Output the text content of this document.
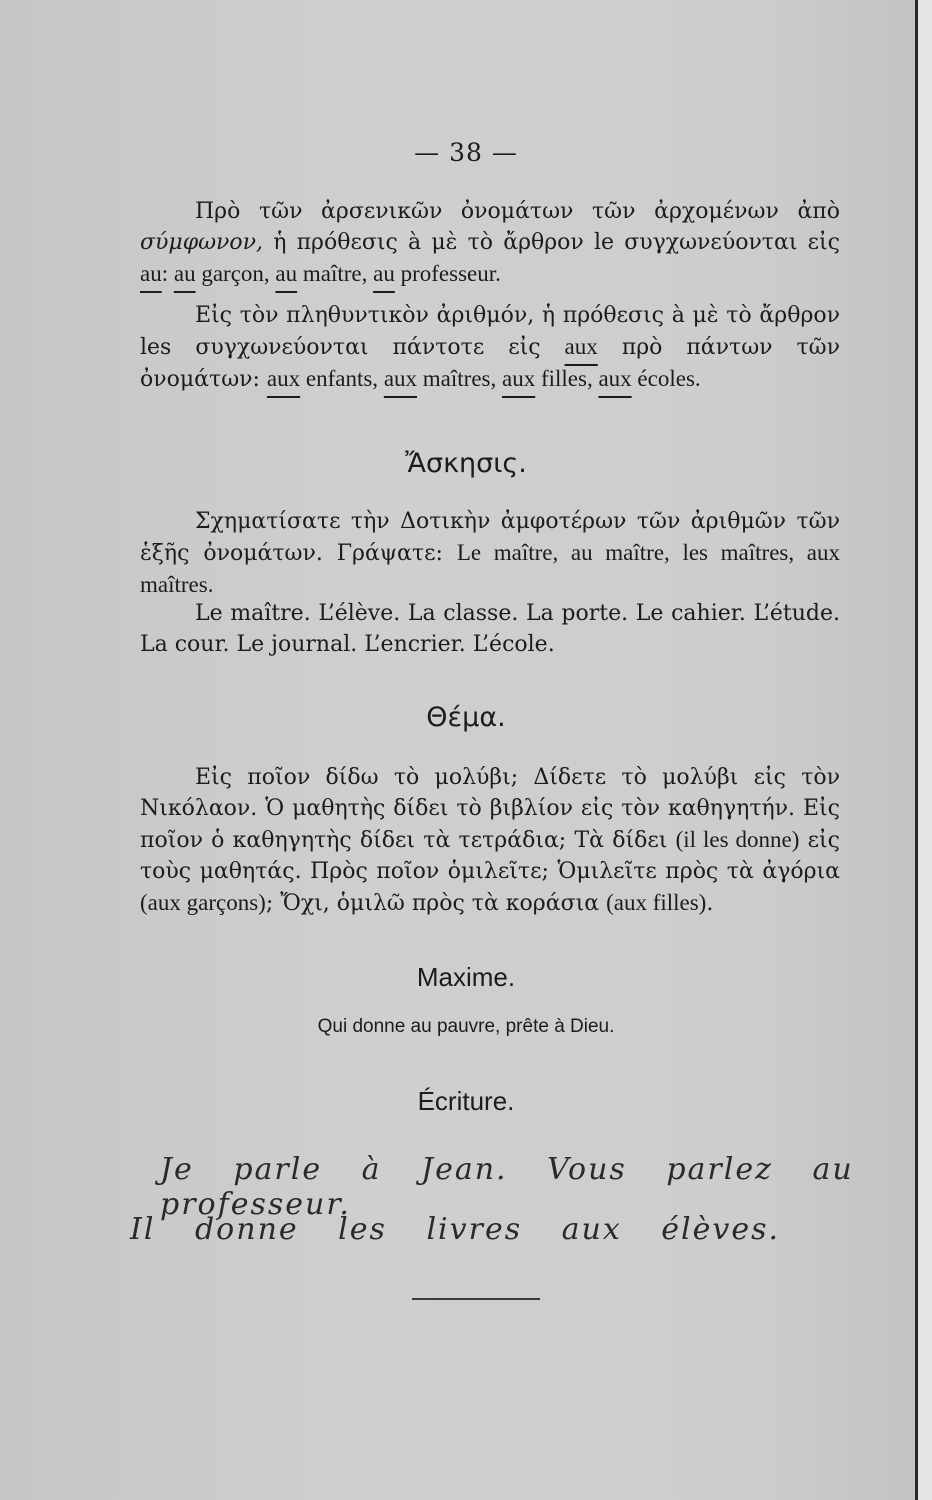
— 38 —
Πρὸ τῶν ἀρσενικῶν ὀνομάτων τῶν ἀρχομένων ἀπὸ σύμφωνον, ἡ πρόθεσις à μὲ τὸ ἄρθρον le συγχωνεύονται εἰς au: au garçon, au maître, au professeur.
Εἰς τὸν πληθυντικὸν ἀριθμόν, ἡ πρόθεσις à μὲ τὸ ἄρθρον les συγχωνεύονται πάντοτε εἰς aux πρὸ πάντων τῶν ὀνομάτων: aux enfants, aux maîtres, aux filles, aux écoles.
Ἄσκησις.
Σχηματίσατε τὴν Δοτικὴν ἀμφοτέρων τῶν ἀριθμῶν τῶν ἑξῆς ὀνομάτων. Γράψατε: Le maître, au maître, les maîtres, aux maîtres.
Le maître. L’élève. La classe. La porte. Le cahier. L’étude. La cour. Le journal. L’encrier. L’école.
Θέμα.
Εἰς ποῖον δίδω τὸ μολύβι; Δίδετε τὸ μολύβι εἰς τὸν Νικόλαον. Ὁ μαθητὴς δίδει τὸ βιβλίον εἰς τὸν καθηγητήν. Εἰς ποῖον ὁ καθηγητὴς δίδει τὰ τετράδια; Τὰ δίδει (il les donne) εἰς τοὺς μαθητάς. Πρὸς ποῖον ὁμιλεῖτε; Ὁμιλεῖτε πρὸς τὰ ἀγόρια (aux garçons); Ὄχι, ὁμιλῶ πρὸς τὰ κοράσια (aux filles).
Maxime.
Qui donne au pauvre, prête à Dieu.
Écriture.
Je parle à Jean. Vous parlez au professeur.
Il donne les livres aux élèves.
